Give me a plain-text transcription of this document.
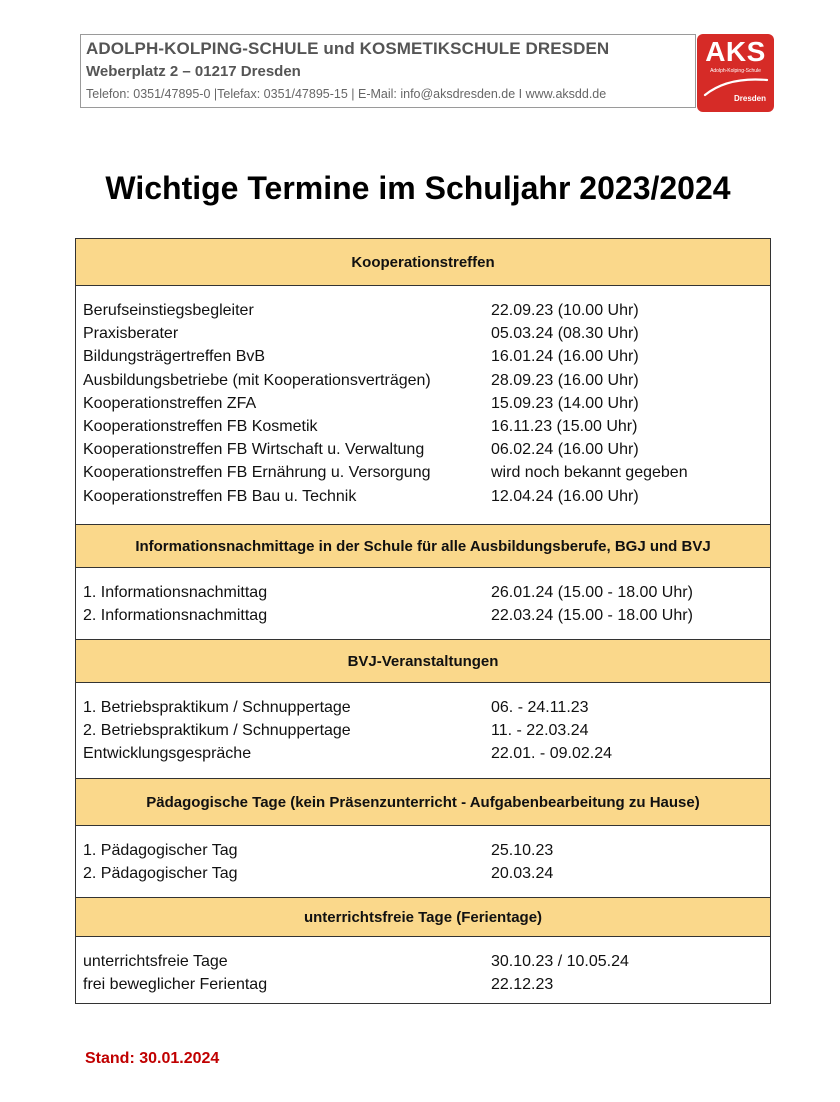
ADOLPH-KOLPING-SCHULE und KOSMETIKSCHULE DRESDEN
Weberplatz 2 – 01217 Dresden
Telefon: 0351/47895-0 |Telefax: 0351/47895-15 | E-Mail: info@aksdresden.de I www.aksdd.de
AKS
Adolph-Kolping-Schule
Dresden
Wichtige Termine im Schuljahr 2023/2024
Kooperationstreffen
Berufseinstiegsbegleiter	22.09.23 (10.00 Uhr)
Praxisberater	05.03.24 (08.30 Uhr)
Bildungsträgertreffen BvB	16.01.24 (16.00 Uhr)
Ausbildungsbetriebe (mit Kooperationsverträgen)	28.09.23 (16.00 Uhr)
Kooperationstreffen ZFA	15.09.23 (14.00 Uhr)
Kooperationstreffen FB Kosmetik	16.11.23 (15.00 Uhr)
Kooperationstreffen FB Wirtschaft u. Verwaltung	06.02.24 (16.00 Uhr)
Kooperationstreffen FB Ernährung u. Versorgung	wird noch bekannt gegeben
Kooperationstreffen FB Bau u. Technik	12.04.24 (16.00 Uhr)
Informationsnachmittage in der Schule für alle Ausbildungsberufe, BGJ und BVJ
1. Informationsnachmittag	26.01.24 (15.00 - 18.00 Uhr)
2. Informationsnachmittag	22.03.24 (15.00 - 18.00 Uhr)
BVJ-Veranstaltungen
1. Betriebspraktikum / Schnuppertage	06. - 24.11.23
2. Betriebspraktikum / Schnuppertage	11. - 22.03.24
Entwicklungsgespräche	22.01. - 09.02.24
Pädagogische Tage (kein Präsenzunterricht - Aufgabenbearbeitung zu Hause)
1. Pädagogischer Tag	25.10.23
2. Pädagogischer Tag	20.03.24
unterrichtsfreie Tage (Ferientage)
unterrichtsfreie Tage	30.10.23 / 10.05.24
frei beweglicher Ferientag	22.12.23
Stand: 30.01.2024
